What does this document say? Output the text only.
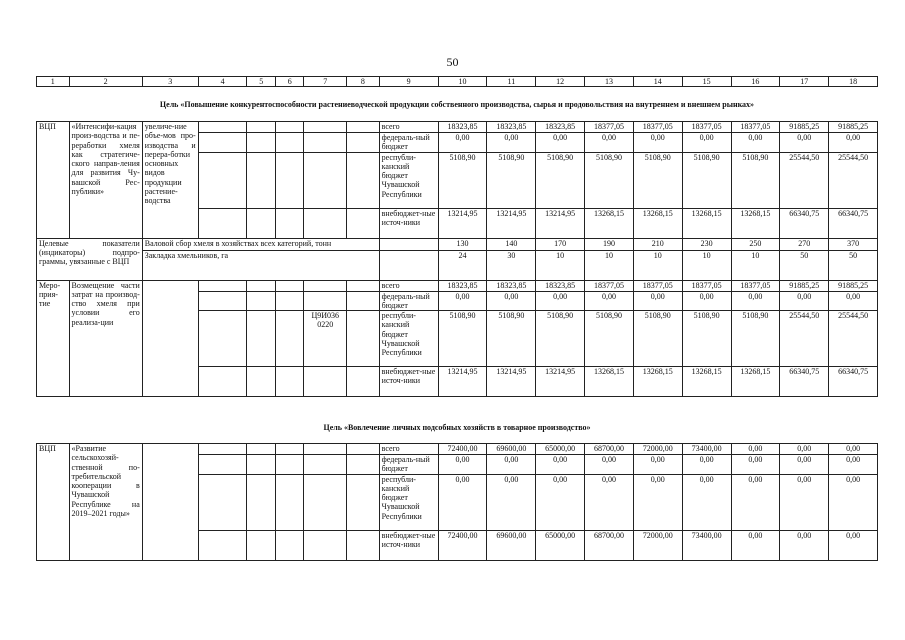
50
1	2	3	4	5	6	7	8	9	10	11	12	13	14	15	16	17	18
Цель «Повышение конкурентоспособности растениеводческой продукции собственного производства, сырья и продовольствия на внутреннем и внешнем рынках»
ВЦП	«Интенсифи-кация произ-водства и пе-реработки хмеля как стратегиче-ского направ-ления для развития Чу-вашской Рес-публики»	увеличе-ние объе-мов про-изводства и перера-ботки основных видов продукции растение-водства						всего	18323,85	18323,85	18323,85	18377,05	18377,05	18377,05	18377,05	91885,25	91885,25
								федераль-ный бюджет	0,00	0,00	0,00	0,00	0,00	0,00	0,00	0,00	0,00
								республи-канский бюджет Чувашской Республики	5108,90	5108,90	5108,90	5108,90	5108,90	5108,90	5108,90	25544,50	25544,50
								внебюджет-ные источ-ники	13214,95	13214,95	13214,95	13268,15	13268,15	13268,15	13268,15	66340,75	66340,75
Целевые показатели (индикаторы) подпро-граммы, увязанные с ВЦП		Валовой сбор хмеля в хозяйствах всех категорий, тонн							130	140	170	190	210	230	250	270	370
		Закладка хмельников, га							24	30	10	10	10	10	10	50	50
Меро-прия-тие	Возмещение части затрат на производ-ство хмеля при условии его реализа-ции							всего	18323,85	18323,85	18323,85	18377,05	18377,05	18377,05	18377,05	91885,25	91885,25
								федераль-ный бюджет	0,00	0,00	0,00	0,00	0,00	0,00	0,00	0,00	0,00
						Ц9И036 0220		республи-канский бюджет Чувашской Республики	5108,90	5108,90	5108,90	5108,90	5108,90	5108,90	5108,90	25544,50	25544,50
								внебюджет-ные источ-ники	13214,95	13214,95	13214,95	13268,15	13268,15	13268,15	13268,15	66340,75	66340,75
Цель «Вовлечение личных подсобных хозяйств в товарное производство»
ВЦП	«Развитие сельскохозяй-ственной по-требительской кооперации в Чувашской Республике на 2019–2021 годы»							всего	72400,00	69600,00	65000,00	68700,00	72000,00	73400,00	0,00	0,00	0,00
								федераль-ный бюджет	0,00	0,00	0,00	0,00	0,00	0,00	0,00	0,00	0,00
								республи-канский бюджет Чувашской Республики	0,00	0,00	0,00	0,00	0,00	0,00	0,00	0,00	0,00
								внебюджет-ные источ-ники	72400,00	69600,00	65000,00	68700,00	72000,00	73400,00	0,00	0,00	0,00
